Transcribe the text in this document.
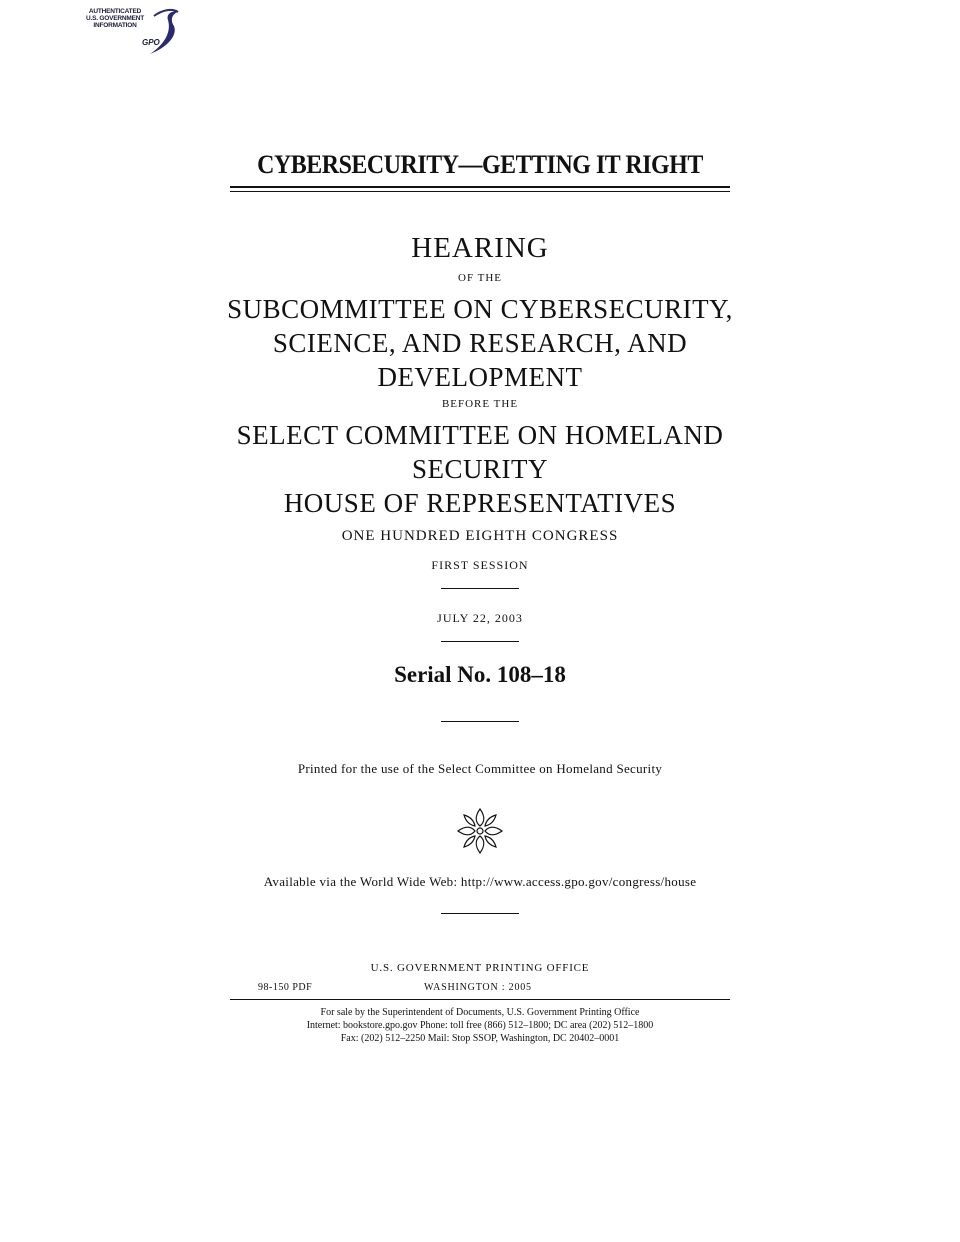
AUTHENTICATED
U.S. GOVERNMENT
INFORMATION
GPO
CYBERSECURITY—GETTING IT RIGHT
HEARING
OF THE
SUBCOMMITTEE ON CYBERSECURITY,
SCIENCE, AND RESEARCH, AND
DEVELOPMENT
BEFORE THE
SELECT COMMITTEE ON HOMELAND
SECURITY
HOUSE OF REPRESENTATIVES
ONE HUNDRED EIGHTH CONGRESS
FIRST SESSION
JULY 22, 2003
Serial No. 108–18
Printed for the use of the Select Committee on Homeland Security
Available via the World Wide Web: http://www.access.gpo.gov/congress/house
U.S. GOVERNMENT PRINTING OFFICE
98-150 PDF	WASHINGTON : 2005
For sale by the Superintendent of Documents, U.S. Government Printing Office
Internet: bookstore.gpo.gov Phone: toll free (866) 512–1800; DC area (202) 512–1800
Fax: (202) 512–2250 Mail: Stop SSOP, Washington, DC 20402–0001
